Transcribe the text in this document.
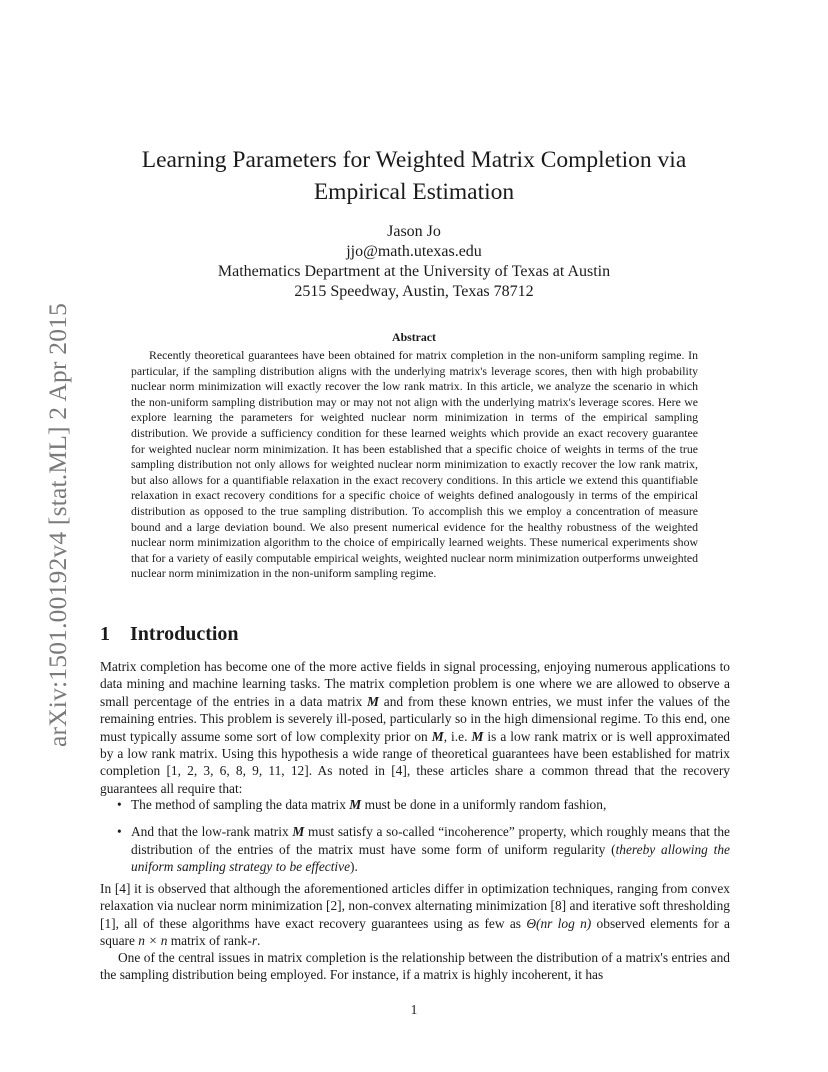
arXiv:1501.00192v4 [stat.ML] 2 Apr 2015
Learning Parameters for Weighted Matrix Completion via
Empirical Estimation
Jason Jo
jjo@math.utexas.edu
Mathematics Department at the University of Texas at Austin
2515 Speedway, Austin, Texas 78712
Abstract

Recently theoretical guarantees have been obtained for matrix completion in the non-uniform sampling regime. In particular, if the sampling distribution aligns with the underlying matrix's leverage scores, then with high probability nuclear norm minimization will exactly recover the low rank matrix. In this article, we analyze the scenario in which the non-uniform sampling distribution may or may not not align with the underlying matrix's leverage scores. Here we explore learning the parameters for weighted nuclear norm minimization in terms of the empirical sampling distribution. We provide a sufficiency condition for these learned weights which provide an exact recovery guarantee for weighted nuclear norm minimization. It has been established that a specific choice of weights in terms of the true sampling distribution not only allows for weighted nuclear norm minimization to exactly recover the low rank matrix, but also allows for a quantifiable relaxation in the exact recovery conditions. In this article we extend this quantifiable relaxation in exact recovery conditions for a specific choice of weights defined analogously in terms of the empirical distribution as opposed to the true sampling distribution. To accomplish this we employ a concentration of measure bound and a large deviation bound. We also present numerical evidence for the healthy robustness of the weighted nuclear norm minimization algorithm to the choice of empirically learned weights. These numerical experiments show that for a variety of easily computable empirical weights, weighted nuclear norm minimization outperforms unweighted nuclear norm minimization in the non-uniform sampling regime.

1 Introduction

Matrix completion has become one of the more active fields in signal processing, enjoying numerous applications to data mining and machine learning tasks. The matrix completion problem is one where we are allowed to observe a small percentage of the entries in a data matrix M and from these known entries, we must infer the values of the remaining entries. This problem is severely ill-posed, particularly so in the high dimensional regime. To this end, one must typically assume some sort of low complexity prior on M, i.e. M is a low rank matrix or is well approximated by a low rank matrix. Using this hypothesis a wide range of theoretical guarantees have been established for matrix completion [1, 2, 3, 6, 8, 9, 11, 12]. As noted in [4], these articles share a common thread that the recovery guarantees all require that:

• The method of sampling the data matrix M must be done in a uniformly random fashion,
• And that the low-rank matrix M must satisfy a so-called “incoherence” property, which roughly means that the distribution of the entries of the matrix must have some form of uniform regularity (thereby allowing the uniform sampling strategy to be effective).

In [4] it is observed that although the aforementioned articles differ in optimization techniques, ranging from convex relaxation via nuclear norm minimization [2], non-convex alternating minimization [8] and iterative soft thresholding [1], all of these algorithms have exact recovery guarantees using as few as Θ(nr log n) observed elements for a square n × n matrix of rank-r.

One of the central issues in matrix completion is the relationship between the distribution of a matrix's entries and the sampling distribution being employed. For instance, if a matrix is highly incoherent, it has

1
